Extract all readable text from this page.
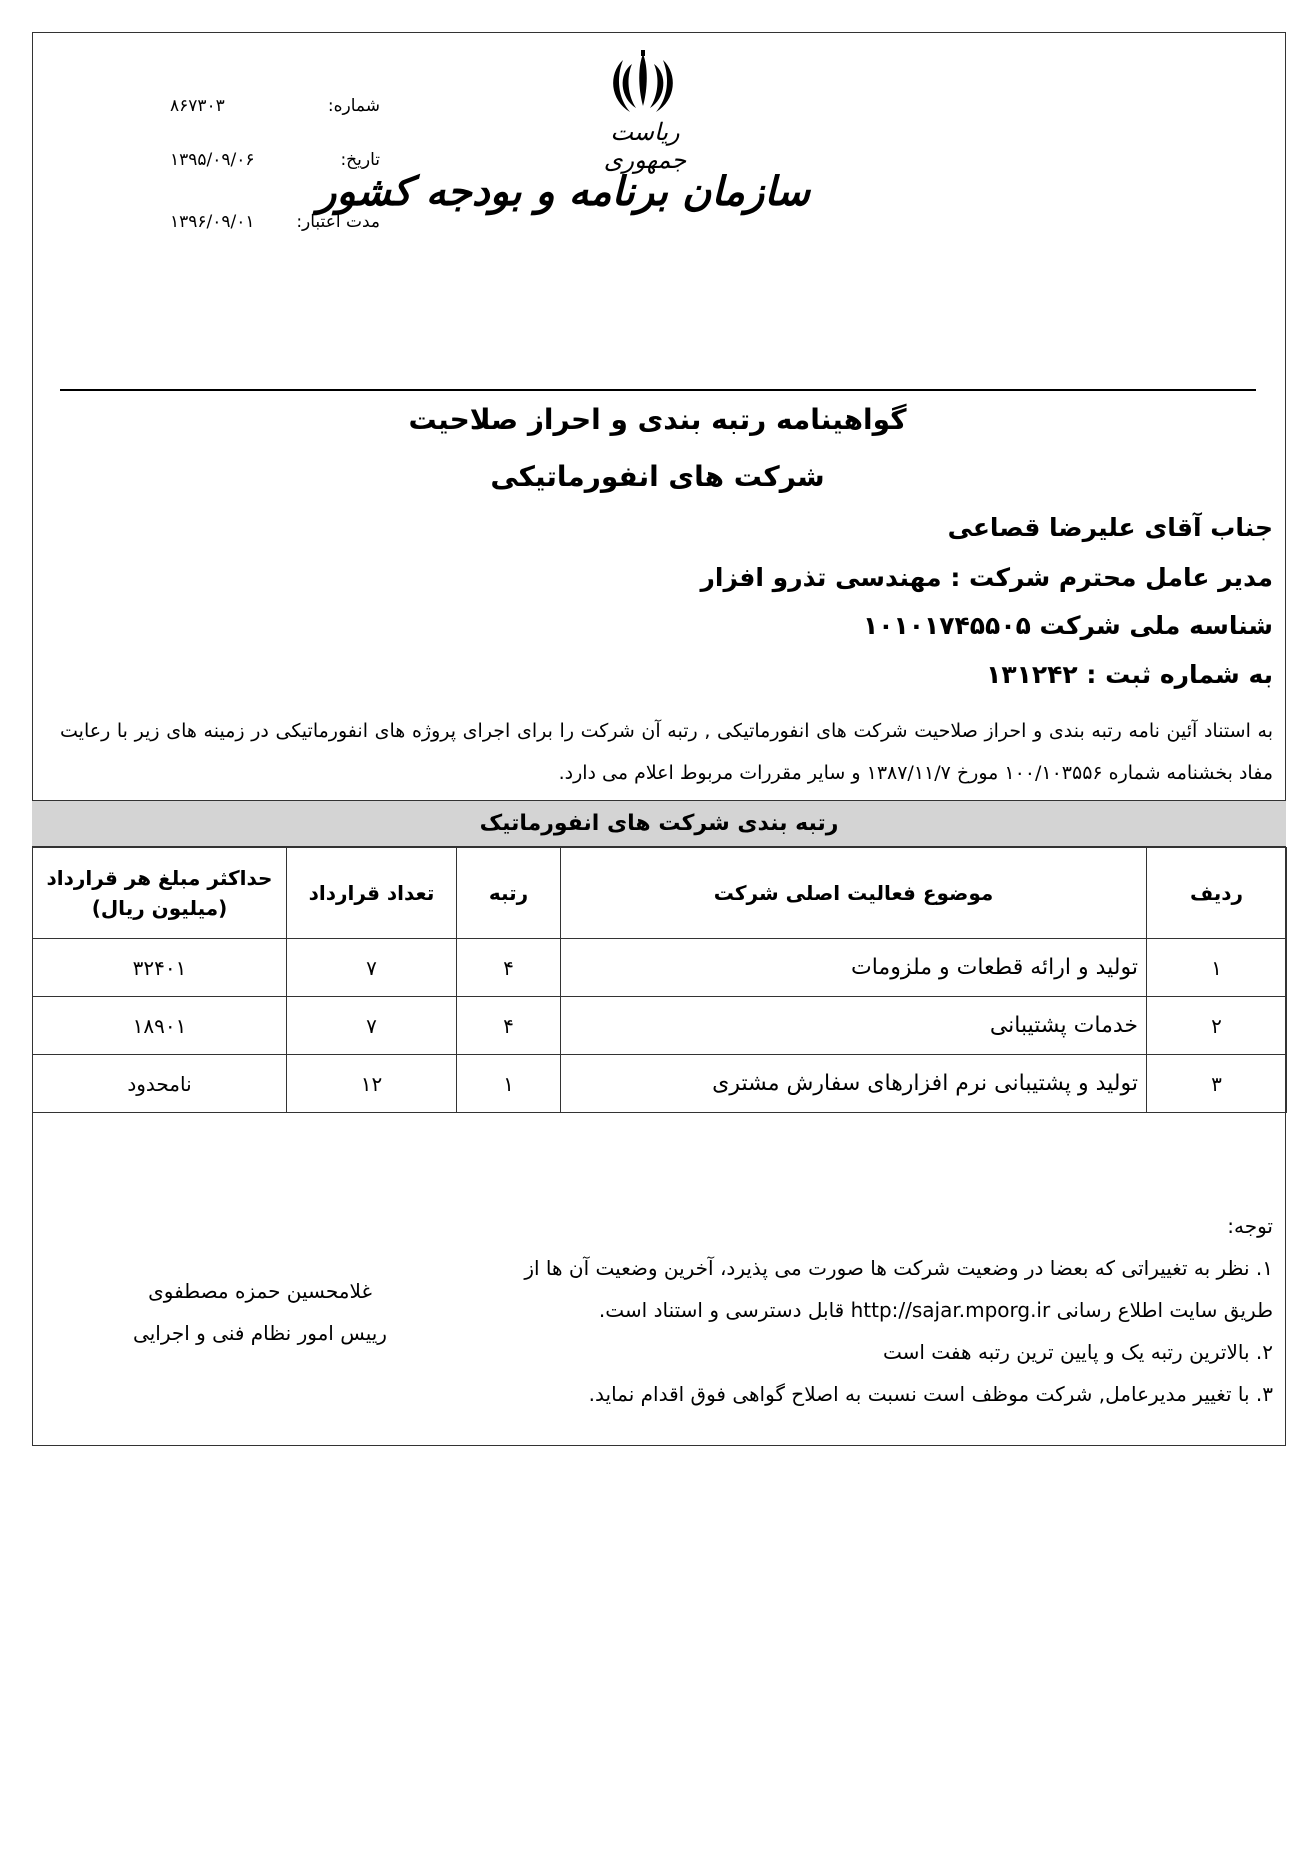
شماره:
۸۶۷۳۰۳
تاریخ:
۱۳۹۵/۰۹/۰۶
مدت اعتبار:
۱۳۹۶/۰۹/۰۱
ریاست جمهوری
سازمان برنامه و بودجه کشور
گواهینامه رتبه بندی و احراز صلاحیت
شرکت های انفورماتیکی
جناب آقای علیرضا قصاعی
مدیر عامل محترم شرکت : مهندسی تذرو افزار
شناسه ملی شرکت ۱۰۱۰۱۷۴۵۵۰۵
به شماره ثبت : ۱۳۱۲۴۲
به استناد آئین نامه رتبه بندی و احراز صلاحیت شرکت های انفورماتیکی , رتبه آن شرکت را برای اجرای پروژه های انفورماتیکی در زمینه های زیر با رعایت مفاد بخشنامه شماره ۱۰۰/۱۰۳۵۵۶ مورخ ۱۳۸۷/۱۱/۷ و سایر مقررات مربوط اعلام می دارد.
رتبه بندی شرکت های انفورماتیک
ردیف	موضوع فعالیت اصلی شرکت	رتبه	تعداد قرارداد	حداکثر مبلغ هر قرارداد
(میلیون ریال)

۱	تولید و ارائه قطعات و ملزومات	۴	۷	۳۲۴۰۱
۲	خدمات پشتیبانی	۴	۷	۱۸۹۰۱
۳	تولید و پشتیبانی نرم افزارهای سفارش مشتری	۱	۱۲	نامحدود
توجه:
۱. نظر به تغییراتی که بعضا در وضعیت شرکت ها صورت می پذیرد، آخرین وضعیت آن ها از
طریق سایت اطلاع رسانی http://sajar.mporg.ir قابل دسترسی و استناد است.
۲. بالاترین رتبه یک و پایین ترین رتبه هفت است
۳. با تغییر مدیرعامل, شرکت موظف است نسبت به اصلاح گواهی فوق اقدام نماید.
غلامحسین حمزه مصطفوی
رییس امور نظام فنی و اجرایی
